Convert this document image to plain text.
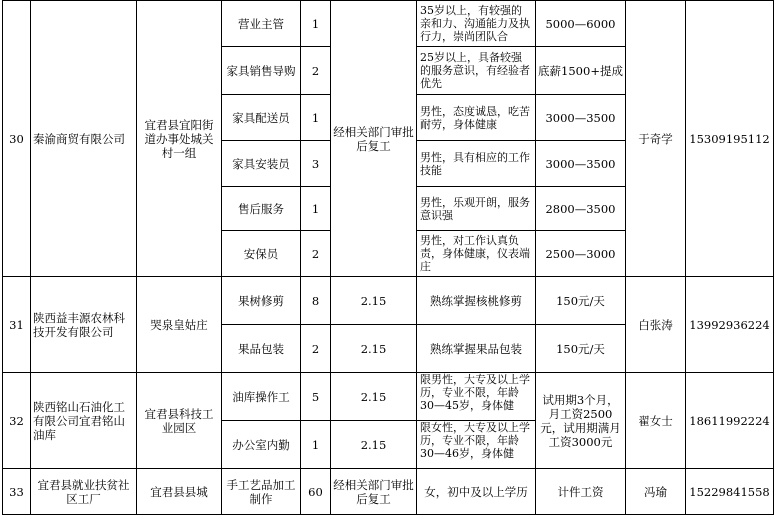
30	秦渝商贸有限公司	宜君县宜阳街道办事处城关村一组	营业主管	1	经相关部门审批后复工	35岁以上，有较强的亲和力、沟通能力及执行力，崇尚团队合	5000—6000	于奇学	15309195112
			家具销售导购	2		25岁以上，具备较强的服务意识，有经验者优先	底薪1500+提成		
			家具配送员	1		男性，态度诚恳，吃苦耐劳，身体健康	3000—3500		
			家具安装员	3		男性，具有相应的工作技能	3000—3500		
			售后服务	1		男性，乐观开朗，服务意识强	2800—3500		
			安保员	2		男性，对工作认真负责，身体健康，仪表端庄	2500—3000		
31	陕西益丰源农林科技开发有限公司	哭泉皇姑庄	果树修剪	8	2.15	熟练掌握核桃修剪	150元/天	白张涛	13992936224
			果品包装	2	2.15	熟练掌握果品包装	150元/天		
32	陕西铭山石油化工有限公司宜君铭山油库	宜君县科技工业园区	油库操作工	5	2.15	限男性，大专及以上学历，专业不限，年龄30—45岁，身体健	试用期3个月，月工资2500元，试用期满月工资3000元	翟女士	18611992224
			办公室内勤	1	2.15	限女性，大专及以上学历，专业不限，年龄30—46岁，身体健			
33	宜君县就业扶贫社区工厂	宜君县县城	手工艺品加工制作	60	经相关部门审批后复工	女，初中及以上学历	计件工资	冯瑜	15229841558
